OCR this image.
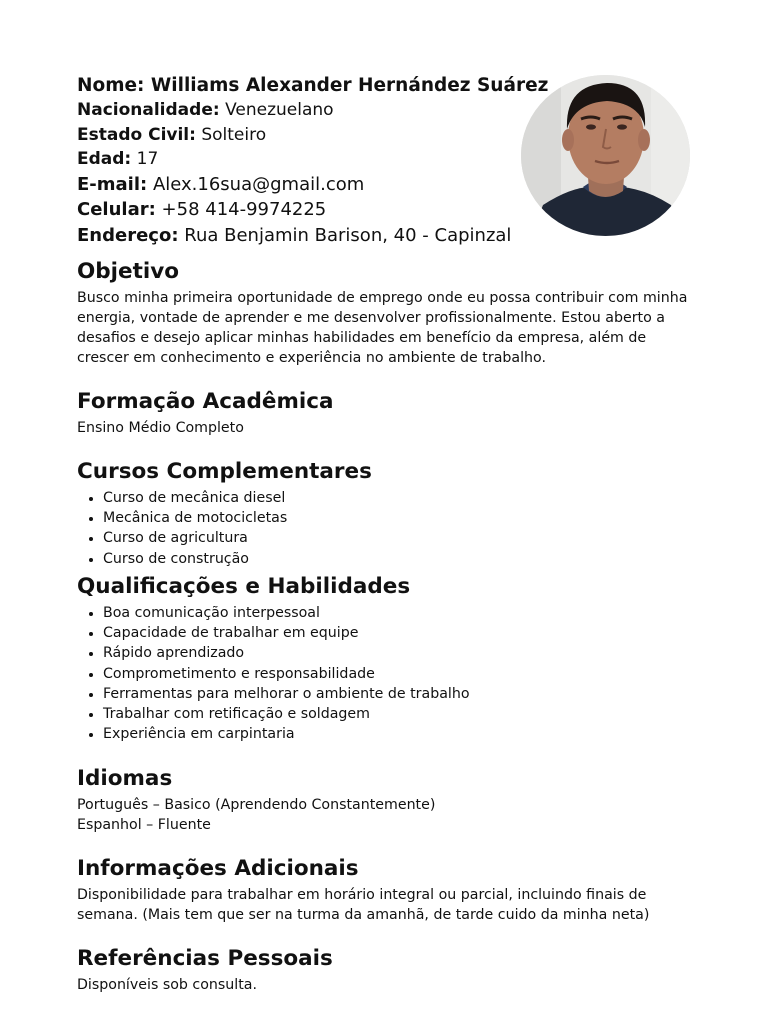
Nome: Williams Alexander Hernández Suárez
Nacionalidade: Venezuelano
Estado Civil: Solteiro
Edad: 17
E-mail: Alex.16sua@gmail.com
Celular: +58 414-9974225
Endereço: Rua Benjamin Barison, 40 - Capinzal
Objetivo

Busco minha primeira oportunidade de emprego onde eu possa contribuir com minha energia, vontade de aprender e me desenvolver profissionalmente. Estou aberto a desafios e desejo aplicar minhas habilidades em benefício da empresa, além de crescer em conhecimento e experiência no ambiente de trabalho.

Formação Acadêmica

Ensino Médio Completo

Cursos Complementares
• Curso de mecânica diesel
• Mecânica de motocicletas
• Curso de agricultura
• Curso de construção
Qualificações e Habilidades
• Boa comunicação interpessoal
• Capacidade de trabalhar em equipe
• Rápido aprendizado
• Comprometimento e responsabilidade
• Ferramentas para melhorar o ambiente de trabalho
• Trabalhar com retificação e soldagem
• Experiência em carpintaria
Idiomas

Português – Basico (Aprendendo Constantemente)

Espanhol – Fluente

Informações Adicionais

Disponibilidade para trabalhar em horário integral ou parcial, incluindo finais de semana. (Mais tem que ser na turma da amanhã, de tarde cuido da minha neta)

Referências Pessoais

Disponíveis sob consulta.
